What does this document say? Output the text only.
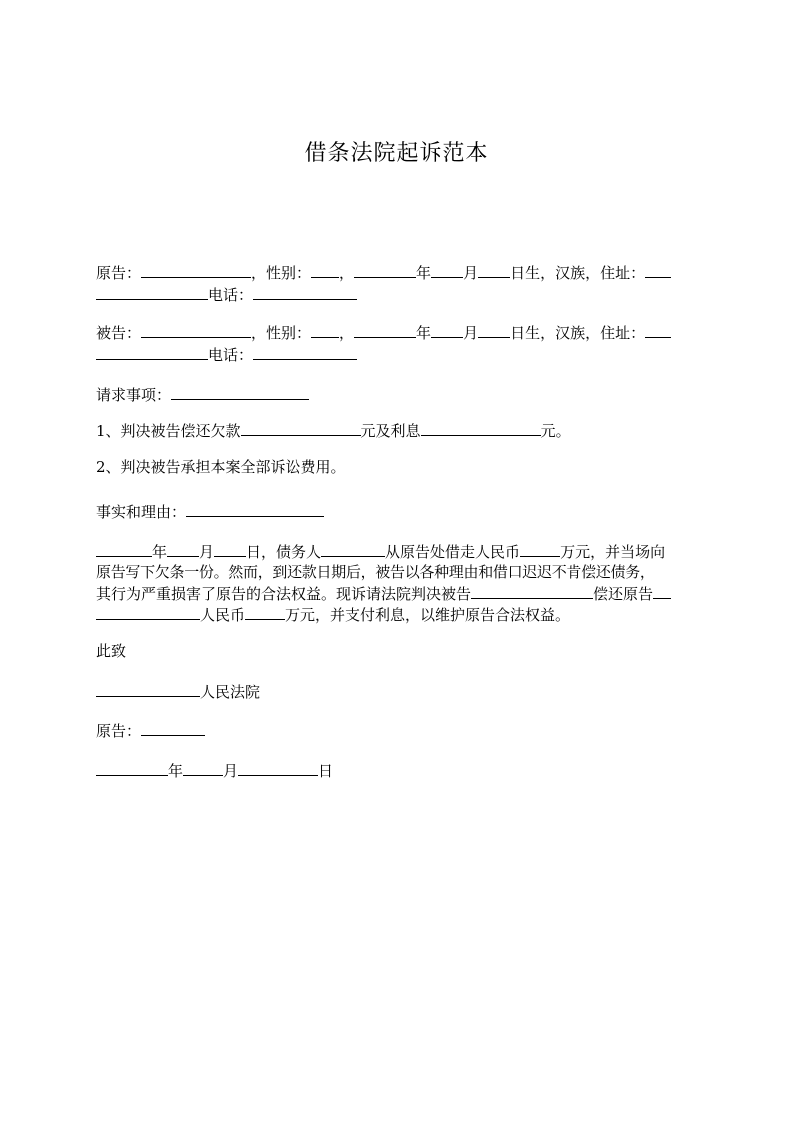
借条法院起诉范本
原告：	，性别： ，	年 月 日生，汉族，住址：
电话：
被告：	，性别： ，	年 月 日生，汉族，住址：
电话：
请求事项：
1、判决被告偿还欠款	元及利息	元。
2、判决被告承担本案全部诉讼费用。
事实和理由：
年 月 日，债务人	从原告处借走人民币	万元，并当场向
原告写下欠条一份。然而，到还款日期后，被告以各种理由和借口迟迟不肯偿还债务，
其行为严重损害了原告的合法权益。现诉请法院判决被告	偿还原告
人民币	万元，并支付利息，以维护原告合法权益。
此致
人民法院
原告：
年	月	日
